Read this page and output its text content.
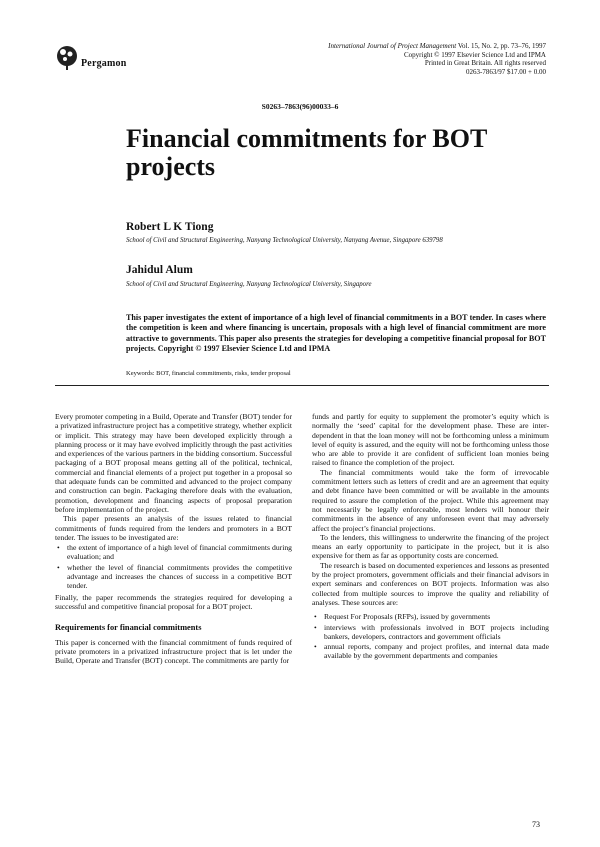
Pergamon
International Journal of Project Management Vol. 15, No. 2, pp. 73–76, 1997
Copyright © 1997 Elsevier Science Ltd and IPMA
Printed in Great Britain. All rights reserved
0263-7863/97 $17.00 + 0.00
S0263–7863(96)00033–6
Financial commitments for BOT projects
Robert L K Tiong
School of Civil and Structural Engineering, Nanyang Technological University, Nanyang Avenue, Singapore 639798
Jahidul Alum
School of Civil and Structural Engineering, Nanyang Technological University, Singapore
This paper investigates the extent of importance of a high level of financial commitments in a BOT tender. In cases where the competition is keen and where financing is uncertain, proposals with a high level of financial commitment are more attractive to governments. This paper also presents the strategies for developing a competitive financial proposal for BOT projects. Copyright © 1997 Elsevier Science Ltd and IPMA
Keywords: BOT, financial commitments, risks, tender proposal

Every promoter competing in a Build, Operate and Transfer (BOT) tender for a privatized infrastructure project has a competitive strategy, whether explicit or implicit. This strategy may have been developed explicitly through a planning process or it may have evolved implicitly through the past activities and experiences of the various partners in the bidding consortium. Successful packaging of a BOT proposal means getting all of the political, technical, commercial and financial elements of a project put together in a proposal so that adequate funds can be committed and advanced to the project company and construction can begin. Packaging therefore deals with the evaluation, promotion, development and financing aspects of proposal preparation before implementation of the project.

This paper presents an analysis of the issues related to financial commitments of funds required from the lenders and promoters in a BOT tender. The issues to be investigated are:

• the extent of importance of a high level of financial commitments during evaluation; and
• whether the level of financial commitments provides the competitive advantage and increases the chances of success in a competitive BOT tender.

Finally, the paper recommends the strategies required for developing a successful and competitive financial proposal for a BOT project.

Requirements for financial commitments

This paper is concerned with the financial commitment of funds required of private promoters in a privatized infrastructure project that is let under the Build, Operate and Transfer (BOT) concept. The commitments are partly for

funds and partly for equity to supplement the promoter’s equity which is normally the ‘seed’ capital for the development phase. These are inter-dependent in that the loan money will not be forthcoming unless a minimum level of equity is assured, and the equity will not be forthcoming unless those who are able to provide it are confident of sufficient loan monies being raised to finance the completion of the project.

The financial commitments would take the form of irrevocable commitment letters such as letters of credit and are an agreement that equity and debt finance have been committed or will be available in the amounts required to assure the completion of the project. While this agreement may not necessarily be legally enforceable, most lenders will honour their commitments in the absence of any unforeseen event that may adversely affect the project’s financial projections.

To the lenders, this willingness to underwrite the financing of the project means an early opportunity to participate in the project, but it is also expensive for them as far as opportunity costs are concerned.

The research is based on documented experiences and lessons as presented by the project promoters, government officials and their financial advisors in expert seminars and conferences on BOT projects. Information was also collected from multiple sources to improve the quality and reliability of analyses. These sources are:

• Request For Proposals (RFPs), issued by governments
• interviews with professionals involved in BOT projects including bankers, developers, contractors and government officials
• annual reports, company and project profiles, and internal data made available by the government departments and companies
73
